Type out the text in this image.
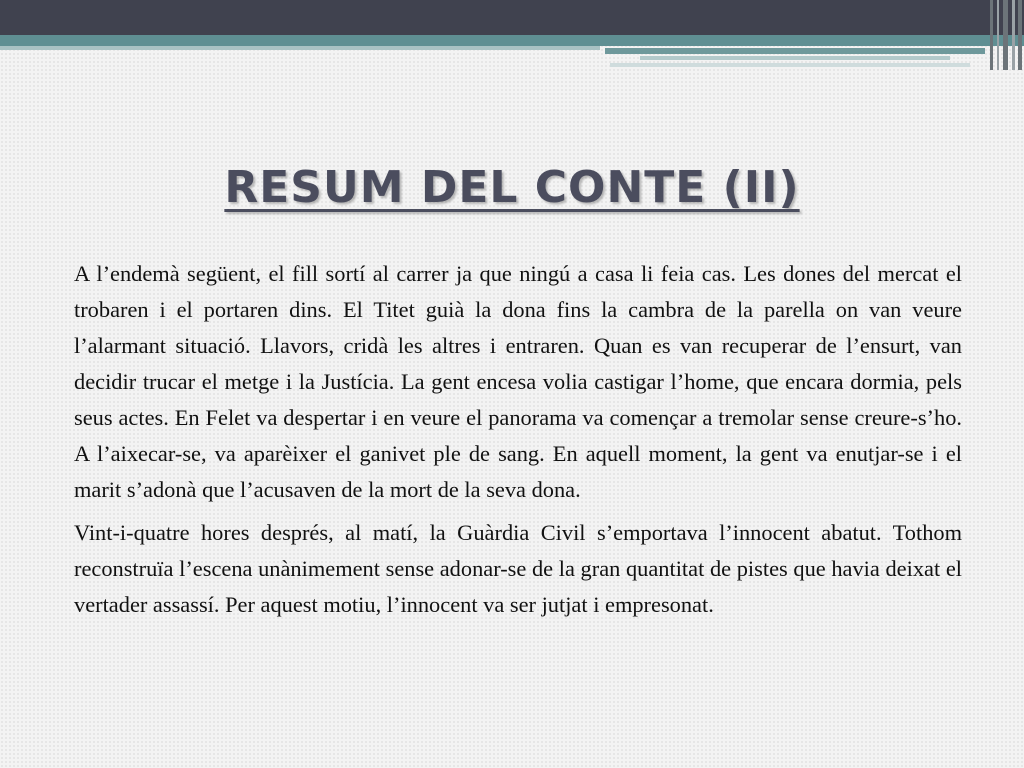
RESUM DEL CONTE (II)

A l’endemà següent, el fill sortí al carrer ja que ningú a casa li feia cas. Les dones del mercat el trobaren i el portaren dins. El Titet guià la dona fins la cambra de la parella on van veure l’alarmant situació. Llavors, cridà les altres i entraren. Quan es van recuperar de l’ensurt, van decidir trucar el metge i la Justícia. La gent encesa volia castigar l’home, que encara dormia, pels seus actes. En Felet va despertar i en veure el panorama va començar a tremolar sense creure-s’ho. A l’aixecar-se, va aparèixer el ganivet ple de sang. En aquell moment, la gent va enutjar-se i el marit s’adonà que l’acusaven de la mort de la seva dona.

Vint-i-quatre hores després, al matí, la Guàrdia Civil s’emportava l’innocent abatut. Tothom reconstruïa l’escena unànimement sense adonar-se de la gran quantitat de pistes que havia deixat el vertader assassí. Per aquest motiu, l’innocent va ser jutjat i empresonat.
